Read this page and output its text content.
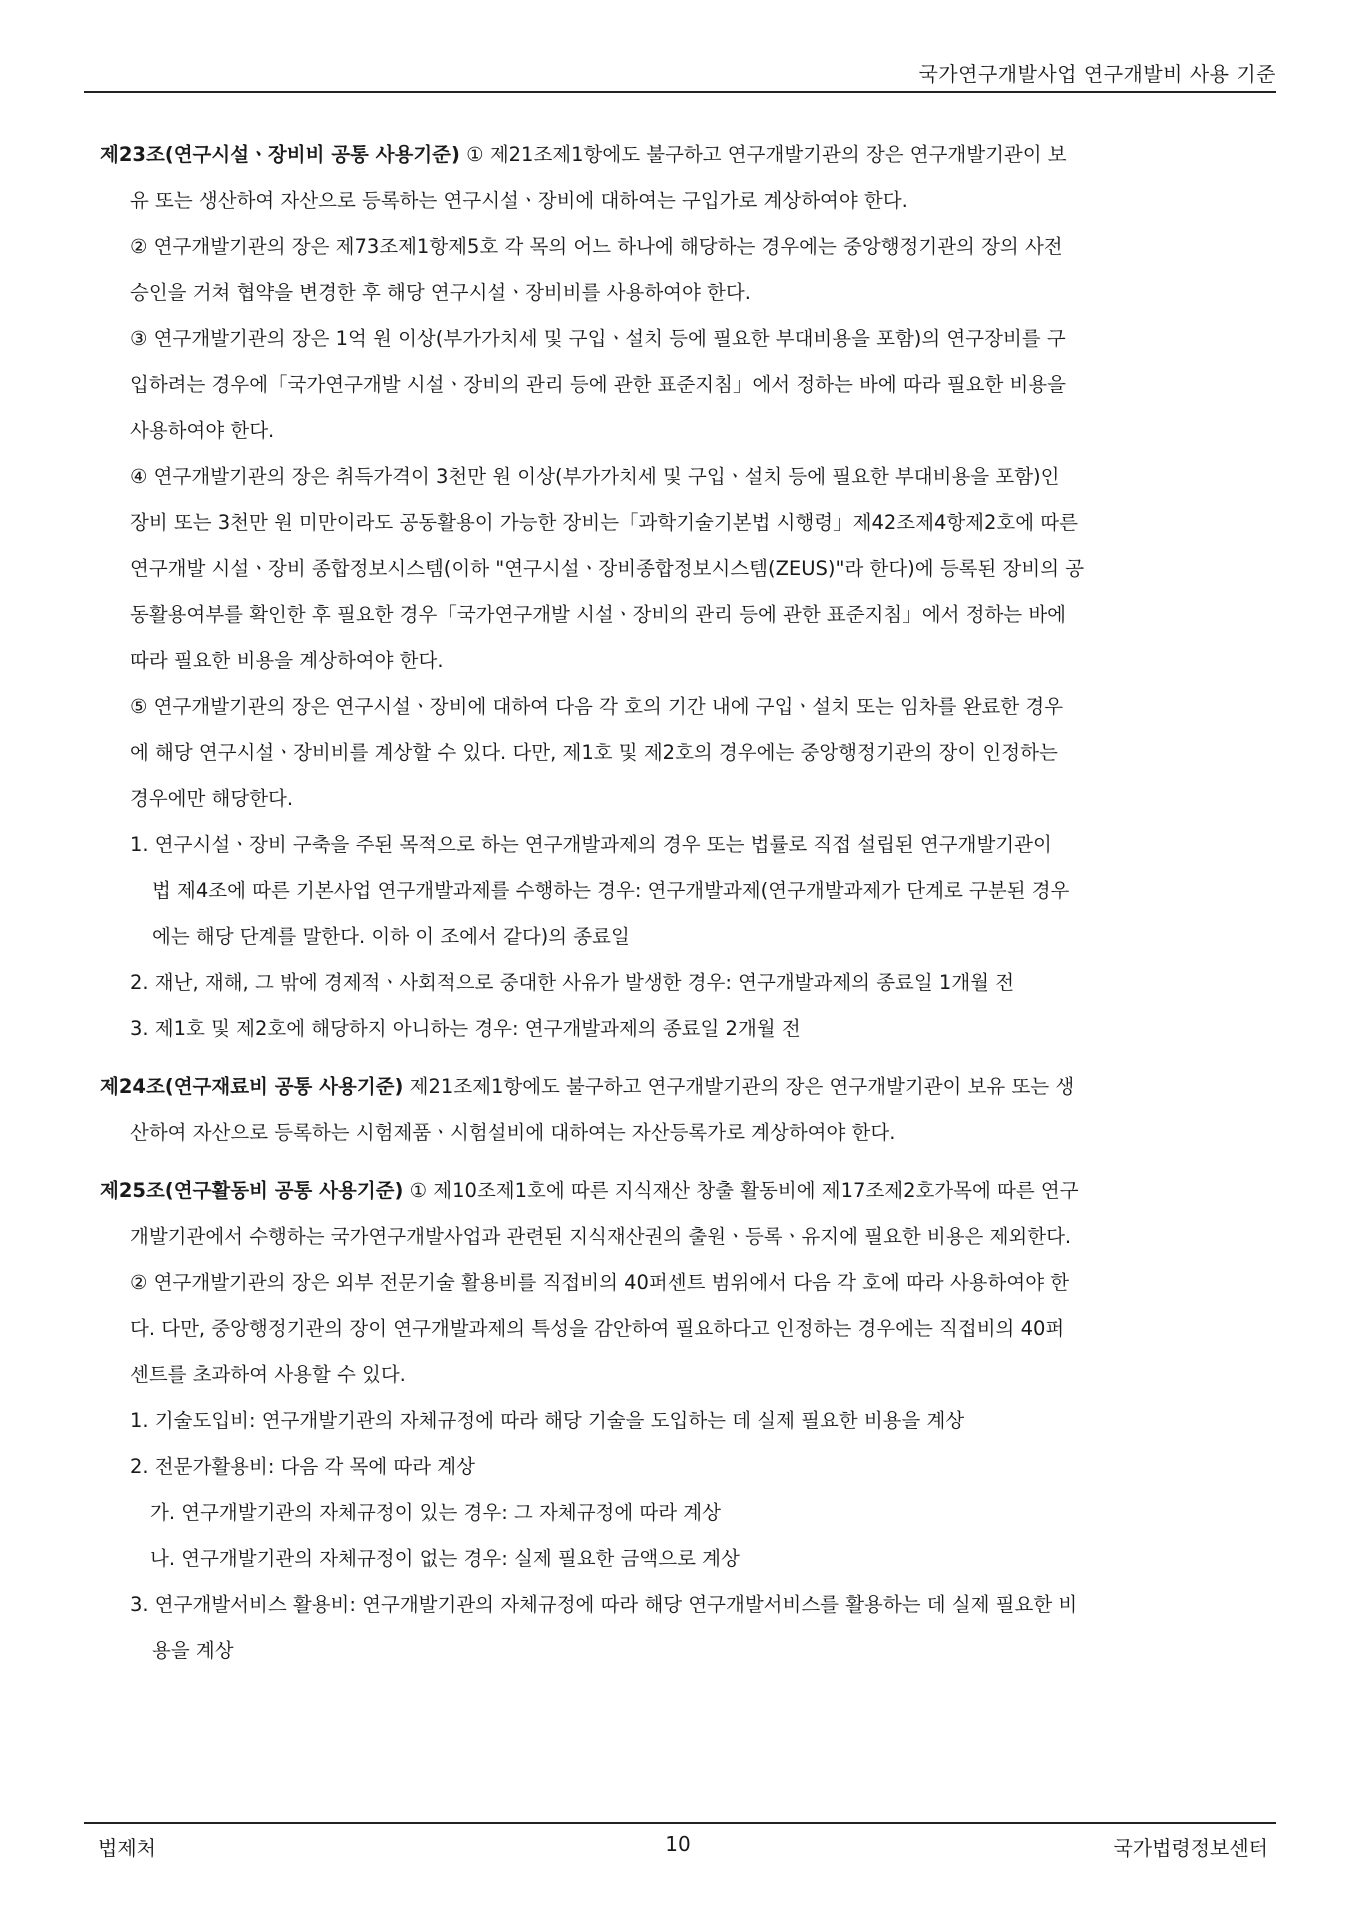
국가연구개발사업 연구개발비 사용 기준

제23조(연구시설ㆍ장비비 공통 사용기준) ① 제21조제1항에도 불구하고 연구개발기관의 장은 연구개발기관이 보

유 또는 생산하여 자산으로 등록하는 연구시설ㆍ장비에 대하여는 구입가로 계상하여야 한다.

② 연구개발기관의 장은 제73조제1항제5호 각 목의 어느 하나에 해당하는 경우에는 중앙행정기관의 장의 사전

승인을 거쳐 협약을 변경한 후 해당 연구시설ㆍ장비비를 사용하여야 한다.

③ 연구개발기관의 장은 1억 원 이상(부가가치세 및 구입ㆍ설치 등에 필요한 부대비용을 포함)의 연구장비를 구

입하려는 경우에「국가연구개발 시설ㆍ장비의 관리 등에 관한 표준지침」에서 정하는 바에 따라 필요한 비용을

사용하여야 한다.

④ 연구개발기관의 장은 취득가격이 3천만 원 이상(부가가치세 및 구입ㆍ설치 등에 필요한 부대비용을 포함)인

장비 또는 3천만 원 미만이라도 공동활용이 가능한 장비는「과학기술기본법 시행령」제42조제4항제2호에 따른

연구개발 시설ㆍ장비 종합정보시스템(이하 "연구시설ㆍ장비종합정보시스템(ZEUS)"라 한다)에 등록된 장비의 공

동활용여부를 확인한 후 필요한 경우「국가연구개발 시설ㆍ장비의 관리 등에 관한 표준지침」에서 정하는 바에

따라 필요한 비용을 계상하여야 한다.

⑤ 연구개발기관의 장은 연구시설ㆍ장비에 대하여 다음 각 호의 기간 내에 구입ㆍ설치 또는 임차를 완료한 경우

에 해당 연구시설ㆍ장비비를 계상할 수 있다. 다만, 제1호 및 제2호의 경우에는 중앙행정기관의 장이 인정하는

경우에만 해당한다.

1. 연구시설ㆍ장비 구축을 주된 목적으로 하는 연구개발과제의 경우 또는 법률로 직접 설립된 연구개발기관이

법 제4조에 따른 기본사업 연구개발과제를 수행하는 경우: 연구개발과제(연구개발과제가 단계로 구분된 경우

에는 해당 단계를 말한다. 이하 이 조에서 같다)의 종료일

2. 재난, 재해, 그 밖에 경제적ㆍ사회적으로 중대한 사유가 발생한 경우: 연구개발과제의 종료일 1개월 전

3. 제1호 및 제2호에 해당하지 아니하는 경우: 연구개발과제의 종료일 2개월 전

제24조(연구재료비 공통 사용기준) 제21조제1항에도 불구하고 연구개발기관의 장은 연구개발기관이 보유 또는 생

산하여 자산으로 등록하는 시험제품ㆍ시험설비에 대하여는 자산등록가로 계상하여야 한다.

제25조(연구활동비 공통 사용기준) ① 제10조제1호에 따른 지식재산 창출 활동비에 제17조제2호가목에 따른 연구

개발기관에서 수행하는 국가연구개발사업과 관련된 지식재산권의 출원ㆍ등록ㆍ유지에 필요한 비용은 제외한다.

② 연구개발기관의 장은 외부 전문기술 활용비를 직접비의 40퍼센트 범위에서 다음 각 호에 따라 사용하여야 한

다. 다만, 중앙행정기관의 장이 연구개발과제의 특성을 감안하여 필요하다고 인정하는 경우에는 직접비의 40퍼

센트를 초과하여 사용할 수 있다.

1. 기술도입비: 연구개발기관의 자체규정에 따라 해당 기술을 도입하는 데 실제 필요한 비용을 계상

2. 전문가활용비: 다음 각 목에 따라 계상

가. 연구개발기관의 자체규정이 있는 경우: 그 자체규정에 따라 계상

나. 연구개발기관의 자체규정이 없는 경우: 실제 필요한 금액으로 계상

3. 연구개발서비스 활용비: 연구개발기관의 자체규정에 따라 해당 연구개발서비스를 활용하는 데 실제 필요한 비

용을 계상

법제처	10	국가법령정보센터
